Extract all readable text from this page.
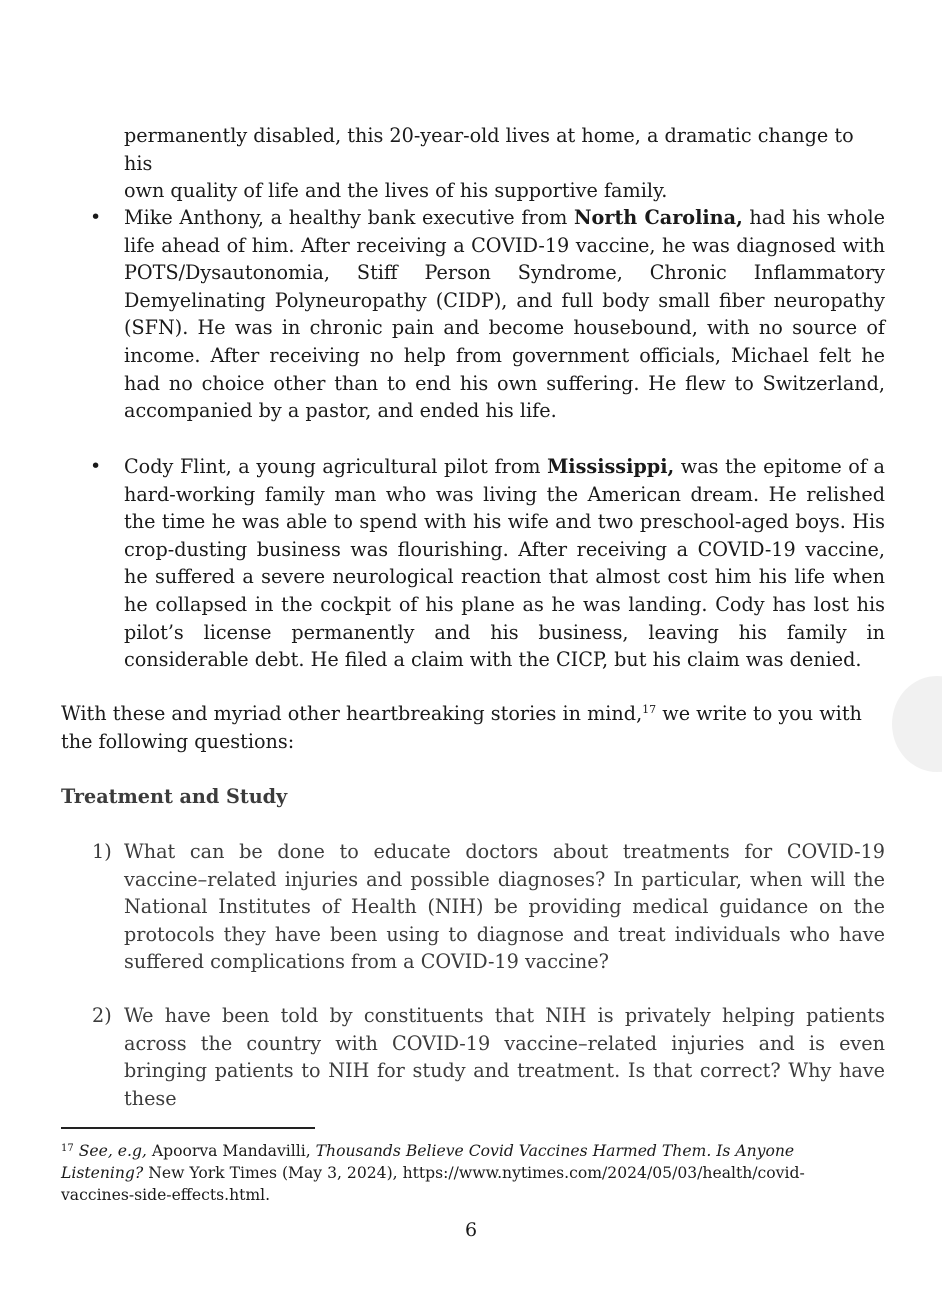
permanently disabled, this 20-year-old lives at home, a dramatic change to his
own quality of life and the lives of his supportive family.
• Mike Anthony, a healthy bank executive from North Carolina, had his whole life ahead of him. After receiving a COVID-19 vaccine, he was diagnosed with POTS/Dysautonomia, Stiff Person Syndrome, Chronic Inflammatory Demyelinating Polyneuropathy (CIDP), and full body small fiber neuropathy (SFN). He was in chronic pain and become housebound, with no source of income. After receiving no help from government officials, Michael felt he had no choice other than to end his own suffering. He flew to Switzerland, accompanied by a pastor, and ended his life.
• Cody Flint, a young agricultural pilot from Mississippi, was the epitome of a hard-working family man who was living the American dream. He relished the time he was able to spend with his wife and two preschool-aged boys. His crop-dusting business was flourishing. After receiving a COVID-19 vaccine, he suffered a severe neurological reaction that almost cost him his life when he collapsed in the cockpit of his plane as he was landing. Cody has lost his pilot’s license permanently and his business, leaving his family in considerable debt. He filed a claim with the CICP, but his claim was denied.
With these and myriad other heartbreaking stories in mind,$^{17}$ we write to you with the following questions:
Treatment and Study
1) What can be done to educate doctors about treatments for COVID-19 vaccine–related injuries and possible diagnoses? In particular, when will the National Institutes of Health (NIH) be providing medical guidance on the protocols they have been using to diagnose and treat individuals who have suffered complications from a COVID-19 vaccine?
2) We have been told by constituents that NIH is privately helping patients across the country with COVID-19 vaccine–related injuries and is even bringing patients to NIH for study and treatment. Is that correct? Why have these
$^{17}$ See, e.g, Apoorva Mandavilli, Thousands Believe Covid Vaccines Harmed Them. Is Anyone Listening? New York Times (May 3, 2024), https://www.nytimes.com/2024/05/03/health/covid-vaccines-side-effects.html.
6
